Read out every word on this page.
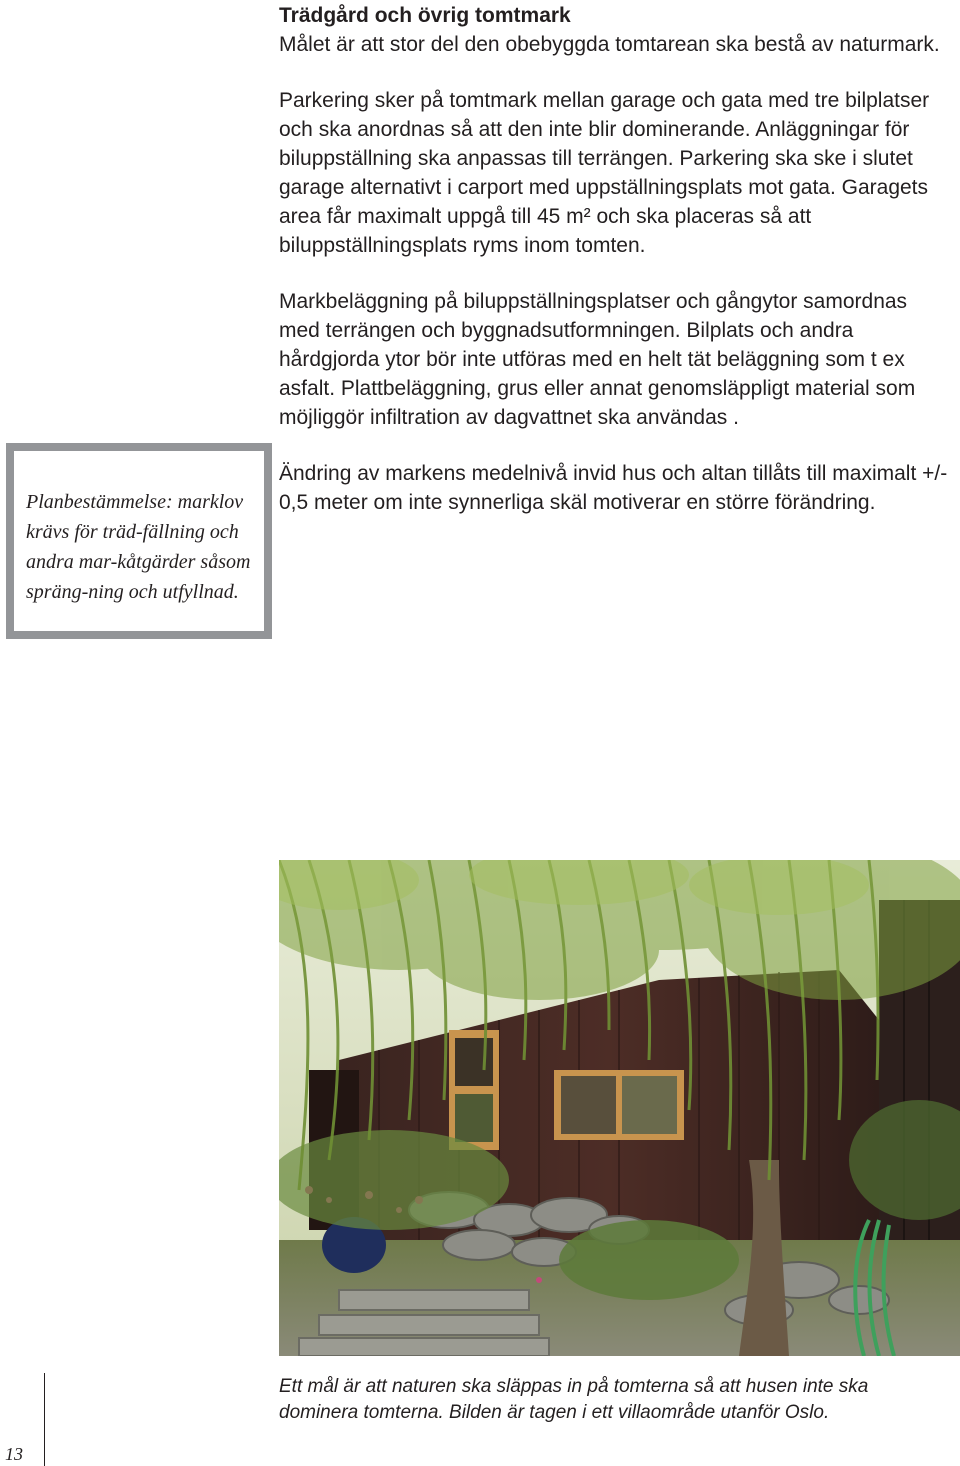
Trädgård och övrig tomtmark

Målet är att stor del den obebyggda tomtarean ska bestå av naturmark.

Parkering sker på tomtmark mellan garage och gata med tre bilplatser och ska anordnas så att den inte blir dominerande. Anläggningar för biluppställning ska anpassas till terrängen. Parkering ska ske i slutet garage alternativt i carport med uppställningsplats mot gata. Garagets area får maximalt uppgå till 45 m² och ska placeras så att biluppställningsplats ryms inom tomten.

Markbeläggning på biluppställningsplatser och gångytor samordnas med terrängen och byggnadsutformningen. Bilplats och andra hårdgjorda ytor bör inte utföras med en helt tät beläggning som t ex asfalt. Plattbeläggning, grus eller annat genomsläppligt material som möjliggör infiltration av dagvattnet ska användas .

Ändring av markens medelnivå invid hus och altan tillåts till maximalt +/- 0,5 meter om inte synnerliga skäl motiverar en större förändring.

Planbestämmelse: marklov krävs för träd-fällning och andra mar-kåtgärder såsom spräng-ning och utfyllnad.

Ett mål är att naturen ska släppas in på tomterna så att husen inte ska dominera tomterna. Bilden är tagen i ett villaområde utanför Oslo.

13
